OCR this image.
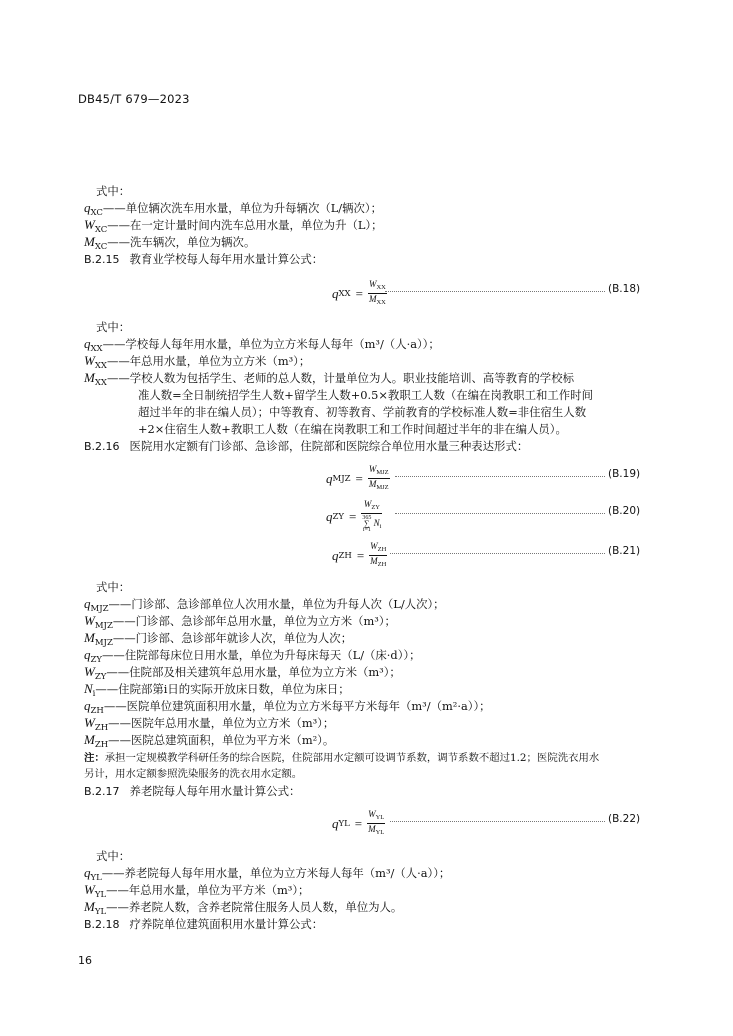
DB45/T 679—2023
式中：
$q_{XC}——$单位辆次洗车用水量，单位为升每辆次（L/辆次）；
$W_{XC}——$在一定计量时间内洗车总用水量，单位为升（L）；
$M_{XC}——$洗车辆次，单位为辆次。
B.2.15 教育业学校每人每年用水量计算公式：
q XX = $\frac{W_{XX}}{M_{XX}}$	(B.18)
式中：
$q_{XX}——$学校每人每年用水量，单位为立方米每人每年（m³/（人·a））；
$W_{XX}——$年总用水量，单位为立方米（m³）；
$M_{XX}——$学校人数为包括学生、老师的总人数，计量单位为人。职业技能培训、高等教育的学校标
准人数=全日制统招学生人数+留学生人数+0.5×教职工人数（在编在岗教职工和工作时间
超过半年的非在编人员）；中等教育、初等教育、学前教育的学校标准人数=非住宿生人数
+2×住宿生人数+教职工人数（在编在岗教职工和工作时间超过半年的非在编人员）。
B.2.16 医院用水定额有门诊部、急诊部，住院部和医院综合单位用水量三种表达形式：
q MJZ = $\frac{W_{MJZ}}{M_{MJZ}}$	(B.19)
q ZY = $W_{ZY}$
365
∑
i=1
$N_i$	(B.20)
q ZH = $\frac{W_{ZH}}{M_{ZH}}$	(B.21)
式中：
$q_{MJZ}——$门诊部、急诊部单位人次用水量，单位为升每人次（L/人次）；
$W_{MJZ}——$门诊部、急诊部年总用水量，单位为立方米（m³）；
$M_{MJZ}——$门诊部、急诊部年就诊人次，单位为人次；
$q_{ZY}——$住院部每床位日用水量，单位为升每床每天（L/（床·d））；
$W_{ZY}——$住院部及相关建筑年总用水量，单位为立方米（m³）；
$N_i——$住院部第i日的实际开放床日数，单位为床日；
$q_{ZH}——$医院单位建筑面积用水量，单位为立方米每平方米每年（m³/（m²·a））；
$W_{ZH}——$医院年总用水量，单位为立方米（m³）；
$M_{ZH}——$医院总建筑面积，单位为平方米（m²）。
注：承担一定规模教学科研任务的综合医院，住院部用水定额可设调节系数，调节系数不超过1.2；医院洗衣用水
另计，用水定额参照洗染服务的洗衣用水定额。
B.2.17 养老院每人每年用水量计算公式：
q YL = $\frac{W_{YL}}{M_{YL}}$	(B.22)
式中：
$q_{YL}——$养老院每人每年用水量，单位为立方米每人每年（m³/（人·a））；
$W_{YL}——$年总用水量，单位为平方米（m³）；
$M_{YL}——$养老院人数，含养老院常住服务人员人数，单位为人。
B.2.18 疗养院单位建筑面积用水量计算公式：
16
